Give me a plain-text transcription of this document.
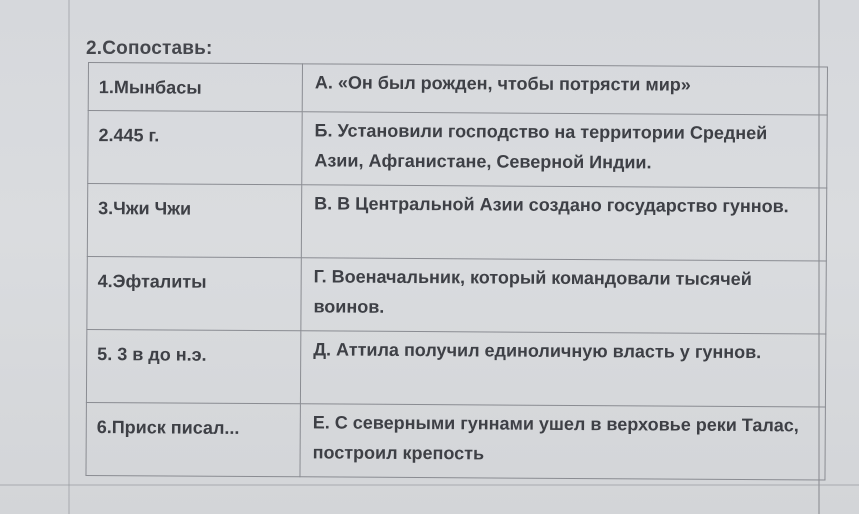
2.Сопоставь:
1.Мынбасы	А. «Он был рожден, чтобы потрясти мир»
2.445 г.	Б. Установили господство на территории Средней Азии, Афганистане, Северной Индии.
3.Чжи Чжи	В. В Центральной Азии создано государство гуннов.
4.Эфталиты	Г. Военачальник, который командовали тысячей воинов.
5. 3 в до н.э.	Д. Аттила получил единоличную власть у гуннов.
6.Приск писал...	Е. С северными гуннами ушел в верховье реки Талас, построил крепость
